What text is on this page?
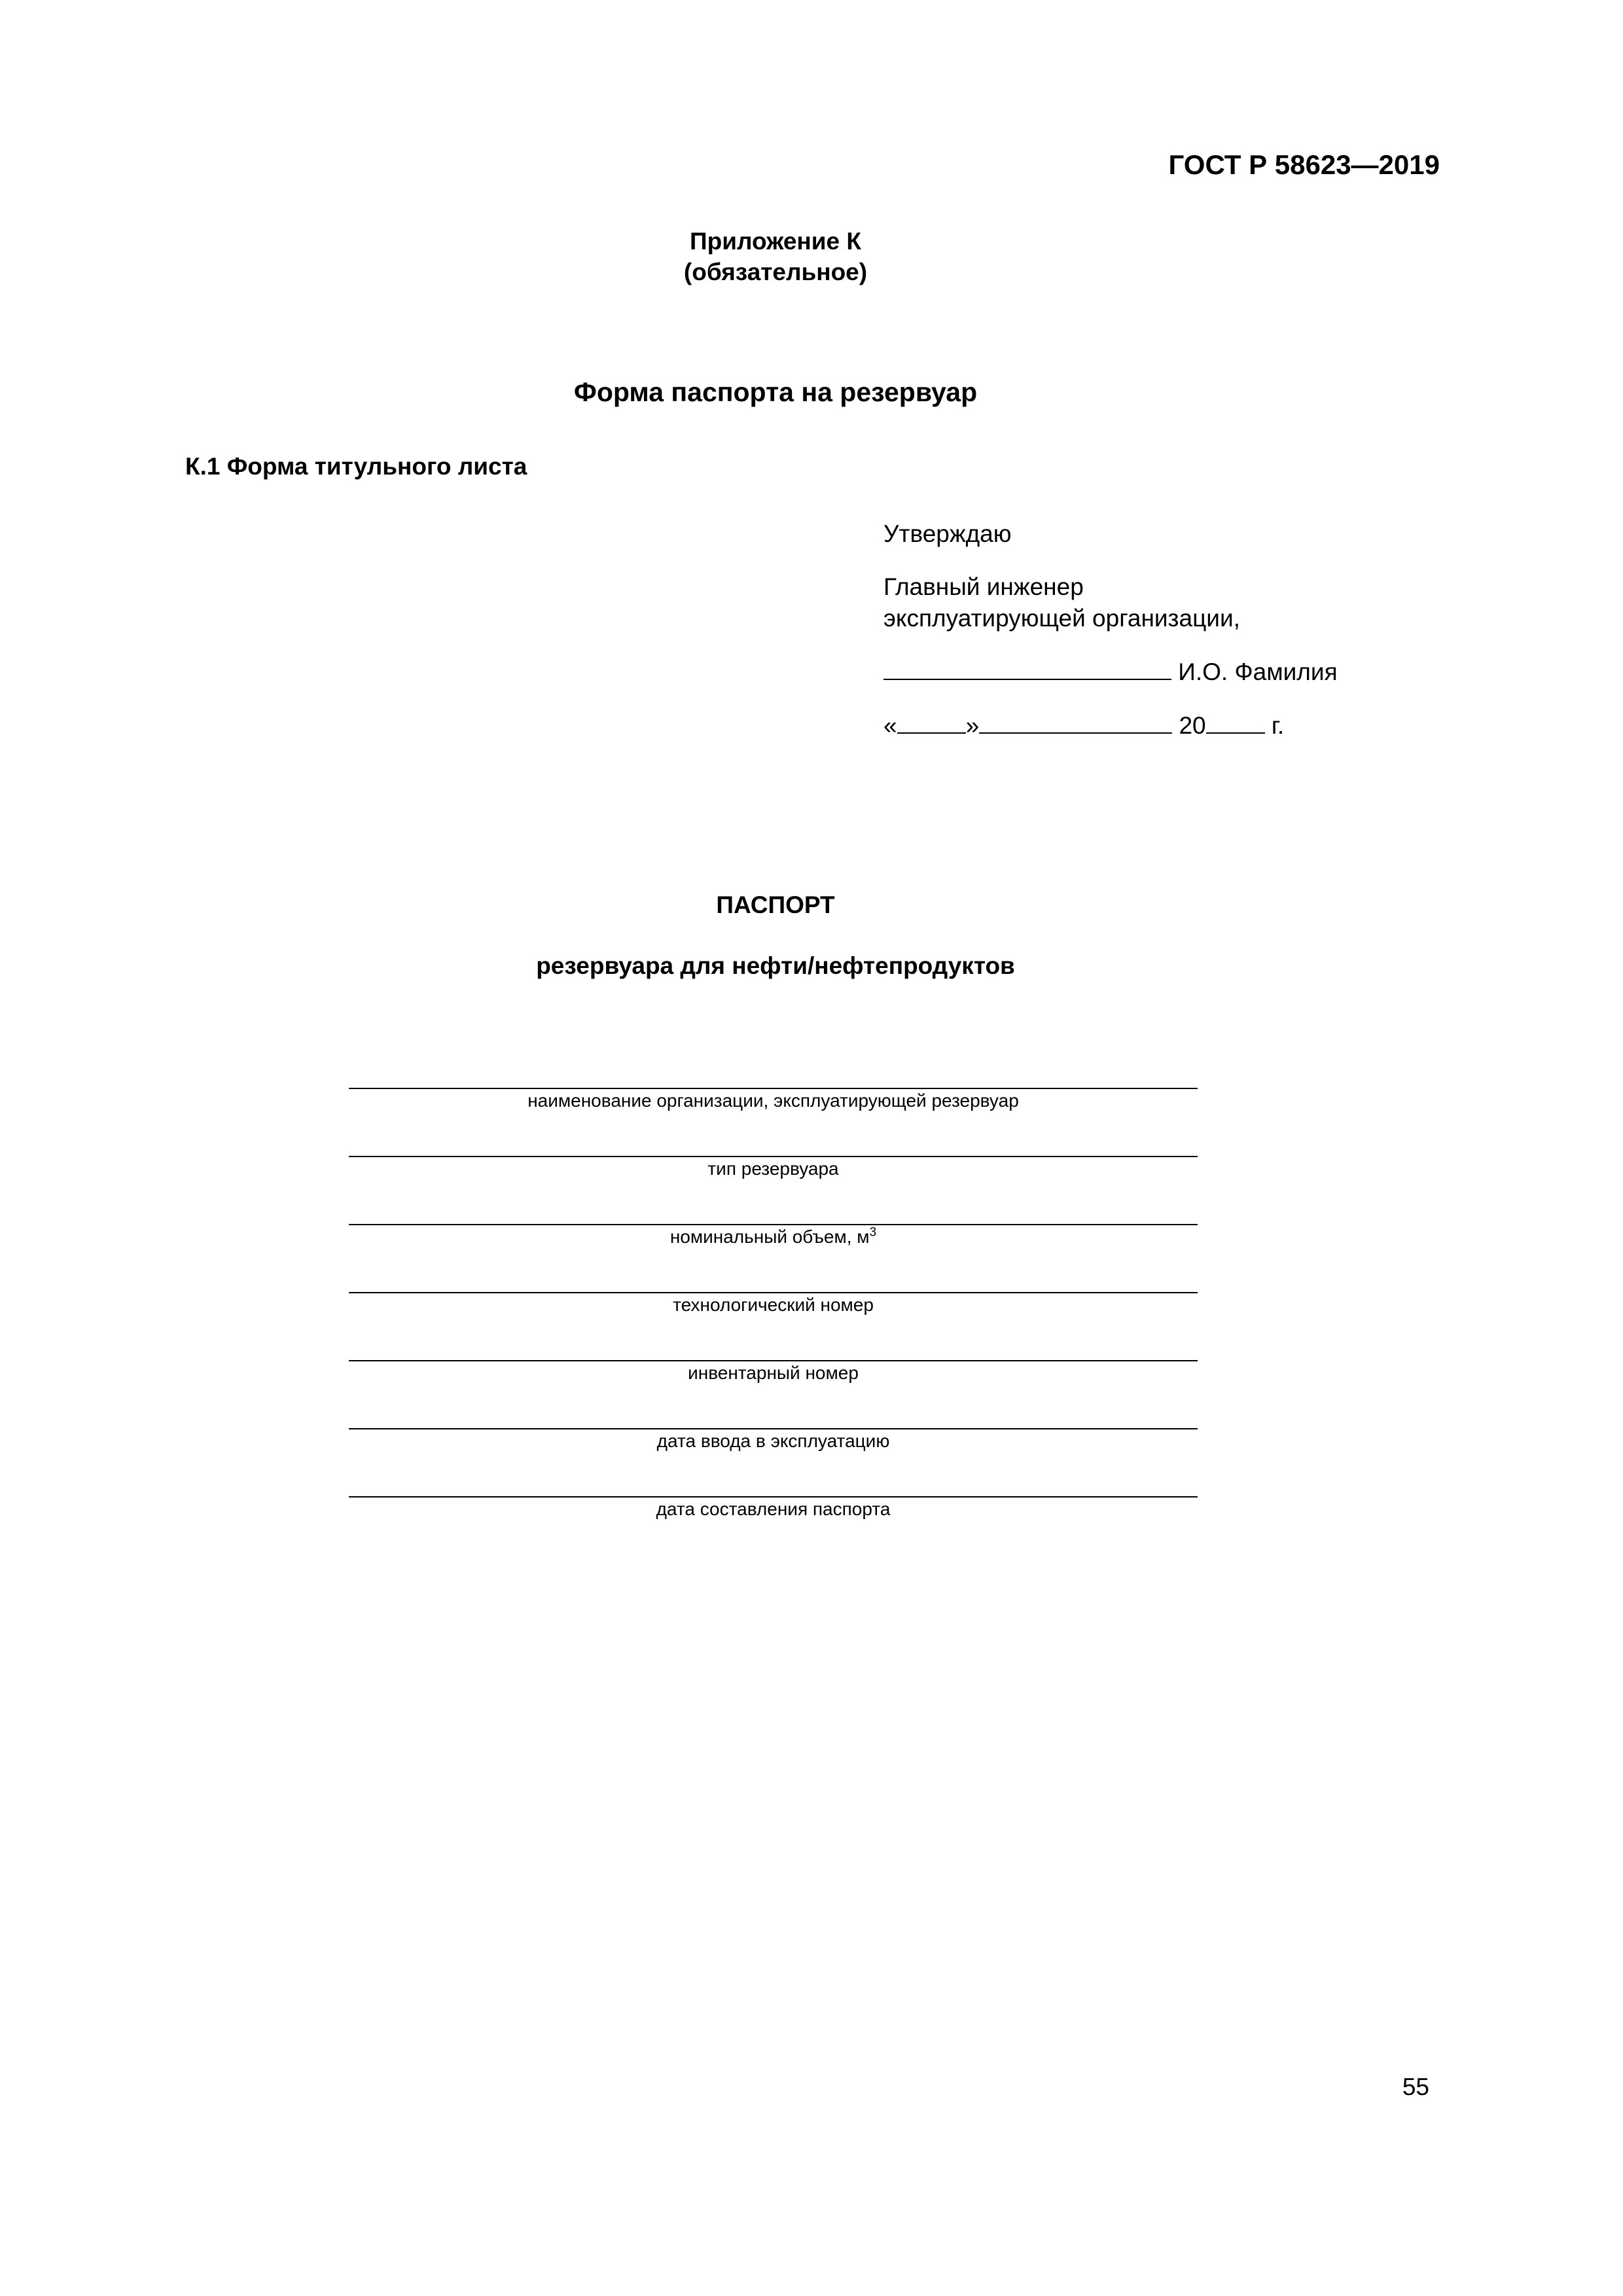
ГОСТ Р 58623—2019
Приложение К
(обязательное)
Форма паспорта на резервуар
К.1 Форма титульного листа
Утверждаю
Главный инженер
эксплуатирующей организации,
И.О. Фамилия
«	»	20	г.
ПАСПОРТ
резервуара для нефти/нефтепродуктов
наименование организации, эксплуатирующей резервуар
тип резервуара
номинальный объем, $м^3$
технологический номер
инвентарный номер
дата ввода в эксплуатацию
дата составления паспорта
55
